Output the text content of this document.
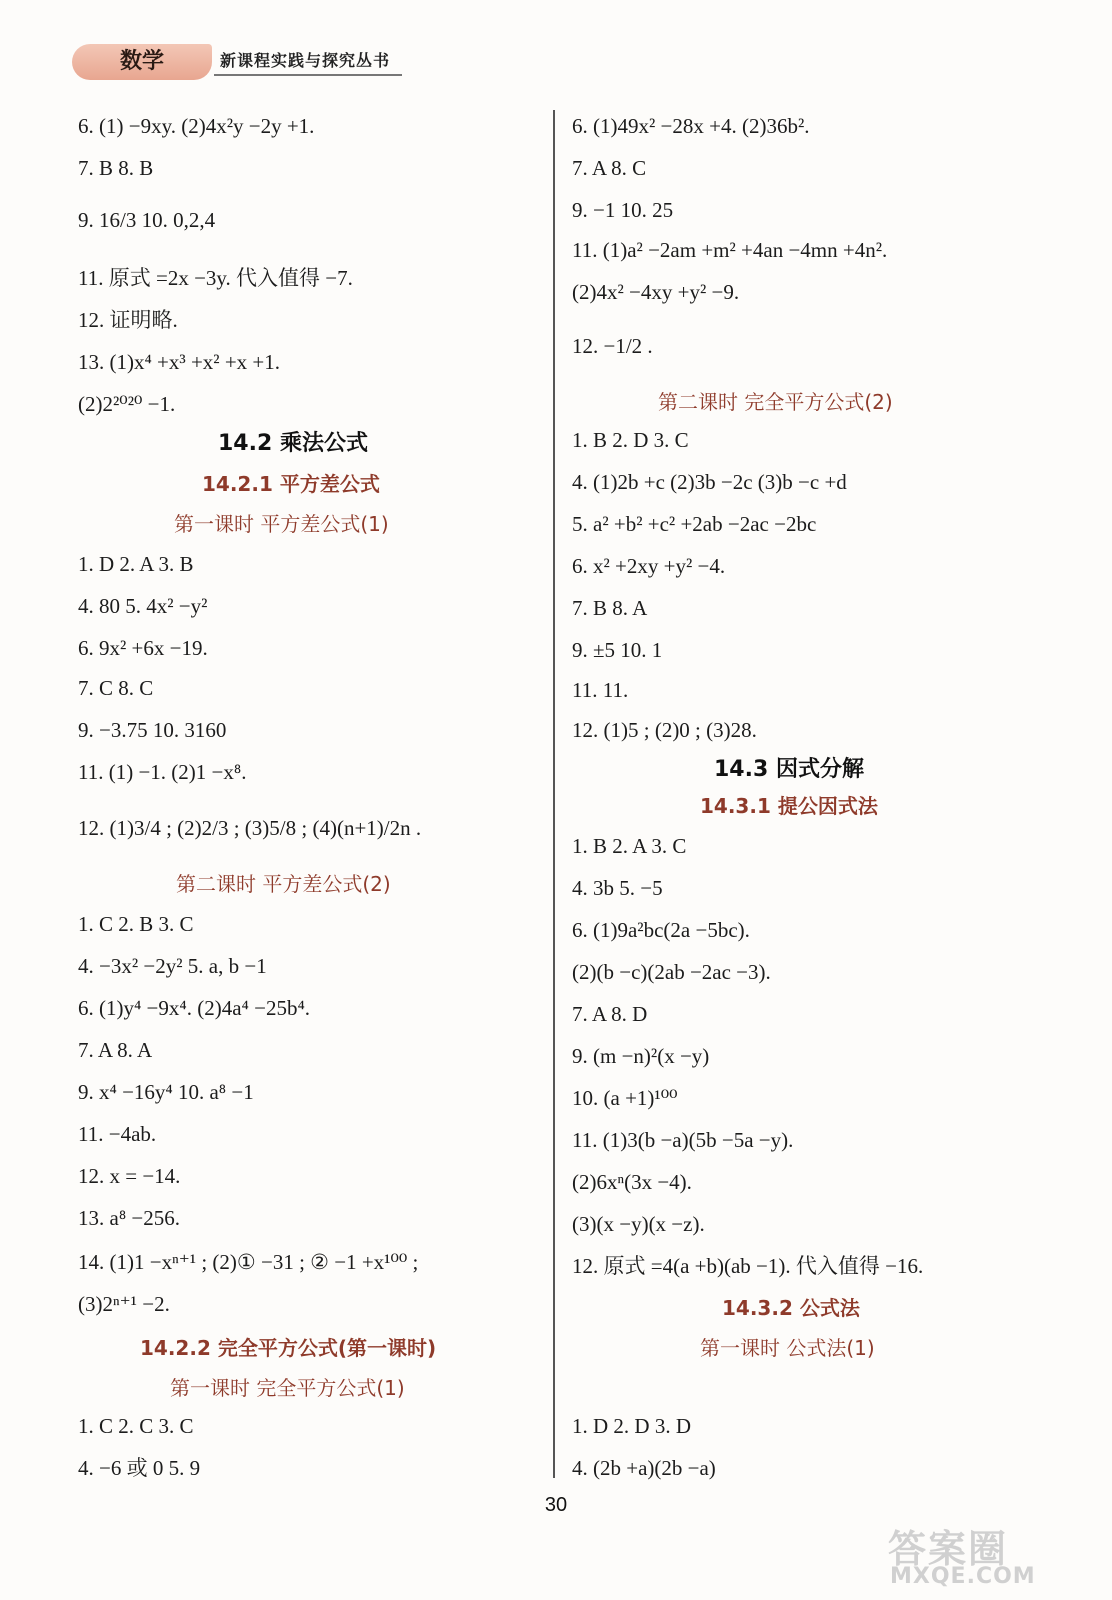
数学	新课程实践与探究丛书
6. (1) −9xy. (2)4x²y −2y +1.
7. B 8. B
9. 16/3 10. 0,2,4
11. 原式 =2x −3y. 代入值得 −7.
12. 证明略.
13. (1)x⁴ +x³ +x² +x +1.
(2)2²⁰²⁰ −1.
14.2 乘法公式
14.2.1 平方差公式
第一课时 平方差公式(1)
1. D 2. A 3. B
4. 80 5. 4x² −y²
6. 9x² +6x −19.
7. C 8. C
9. −3.75 10. 3160
11. (1) −1. (2)1 −x⁸.
12. (1)3/4 ; (2)2/3 ; (3)5/8 ; (4)(n+1)/2n .
第二课时 平方差公式(2)
1. C 2. B 3. C
4. −3x² −2y² 5. a, b −1
6. (1)y⁴ −9x⁴. (2)4a⁴ −25b⁴.
7. A 8. A
9. x⁴ −16y⁴ 10. a⁸ −1
11. −4ab.
12. x = −14.
13. a⁸ −256.
14. (1)1 −xⁿ⁺¹ ; (2)① −31 ; ② −1 +x¹⁰⁰ ;
(3)2ⁿ⁺¹ −2.
14.2.2 完全平方公式(第一课时)
第一课时 完全平方公式(1)
1. C 2. C 3. C
4. −6 或 0 5. 9
6. (1)49x² −28x +4. (2)36b².
7. A 8. C
9. −1 10. 25
11. (1)a² −2am +m² +4an −4mn +4n².
(2)4x² −4xy +y² −9.
12. −1/2 .
第二课时 完全平方公式(2)
1. B 2. D 3. C
4. (1)2b +c (2)3b −2c (3)b −c +d
5. a² +b² +c² +2ab −2ac −2bc
6. x² +2xy +y² −4.
7. B 8. A
9. ±5 10. 1
11. 11.
12. (1)5 ; (2)0 ; (3)28.
14.3 因式分解
14.3.1 提公因式法
1. B 2. A 3. C
4. 3b 5. −5
6. (1)9a²bc(2a −5bc).
(2)(b −c)(2ab −2ac −3).
7. A 8. D
9. (m −n)²(x −y)
10. (a +1)¹⁰⁰
11. (1)3(b −a)(5b −5a −y).
(2)6xⁿ(3x −4).
(3)(x −y)(x −z).
12. 原式 =4(a +b)(ab −1). 代入值得 −16.
14.3.2 公式法
第一课时 公式法(1)
1. D 2. D 3. D
4. (2b +a)(2b −a)
30
答案圈
MXQE.COM
